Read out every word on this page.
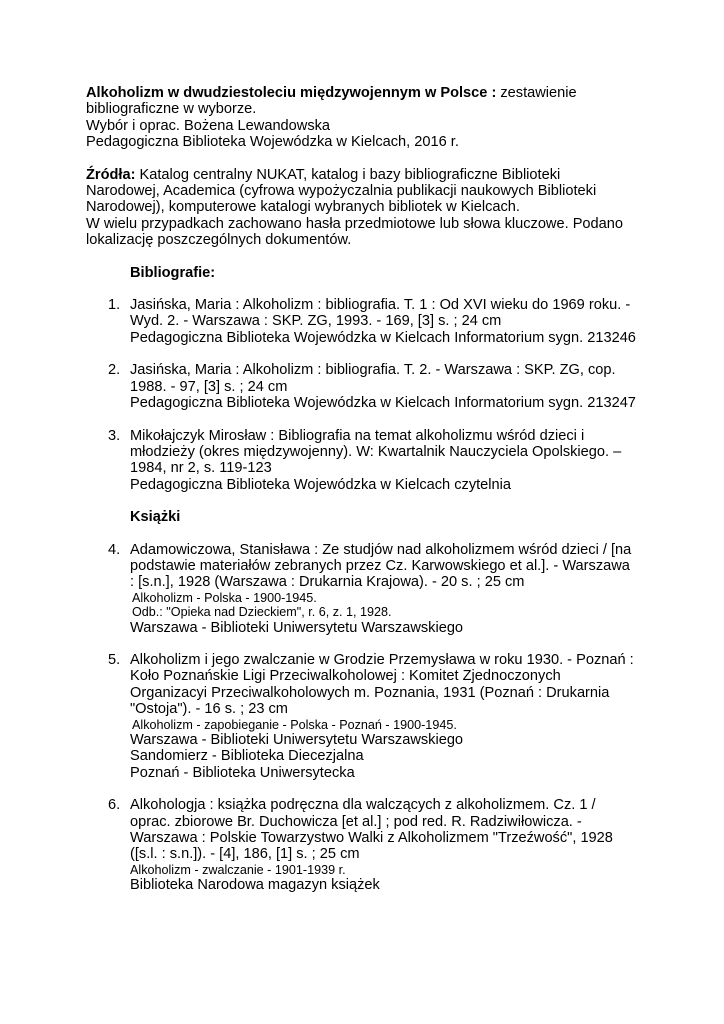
Alkoholizm w dwudziestoleciu międzywojennym w Polsce : zestawienie

bibliograficzne w wyborze.

Wybór i oprac. Bożena Lewandowska

Pedagogiczna Biblioteka Wojewódzka w Kielcach, 2016 r.

Źródła: Katalog centralny NUKAT, katalog i bazy bibliograficzne Biblioteki

Narodowej, Academica (cyfrowa wypożyczalnia publikacji naukowych Biblioteki

Narodowej), komputerowe katalogi wybranych bibliotek w Kielcach.

W wielu przypadkach zachowano hasła przedmiotowe lub słowa kluczowe. Podano

lokalizację poszczególnych dokumentów.

Bibliografie:

1. Jasińska, Maria : Alkoholizm : bibliografia. T. 1 : Od XVI wieku do 1969 roku. -

Wyd. 2. - Warszawa : SKP. ZG, 1993. - 169, [3] s. ; 24 cm

Pedagogiczna Biblioteka Wojewódzka w Kielcach Informatorium sygn. 213246

2. Jasińska, Maria : Alkoholizm : bibliografia. T. 2. - Warszawa : SKP. ZG, cop.

1988. - 97, [3] s. ; 24 cm

Pedagogiczna Biblioteka Wojewódzka w Kielcach Informatorium sygn. 213247

3. Mikołajczyk Mirosław : Bibliografia na temat alkoholizmu wśród dzieci i

młodzieży (okres międzywojenny). W: Kwartalnik Nauczyciela Opolskiego. –

1984, nr 2, s. 119-123

Pedagogiczna Biblioteka Wojewódzka w Kielcach czytelnia

Książki

4. Adamowiczowa, Stanisława : Ze studjów nad alkoholizmem wśród dzieci / [na

podstawie materiałów zebranych przez Cz. Karwowskiego et al.]. - Warszawa

: [s.n.], 1928 (Warszawa : Drukarnia Krajowa). - 20 s. ; 25 cm

Alkoholizm - Polska - 1900-1945.

Odb.: "Opieka nad Dzieckiem", r. 6, z. 1, 1928.

Warszawa - Biblioteki Uniwersytetu Warszawskiego

5. Alkoholizm i jego zwalczanie w Grodzie Przemysława w roku 1930. - Poznań :

Koło Poznańskie Ligi Przeciwalkoholowej : Komitet Zjednoczonych

Organizacyi Przeciwalkoholowych m. Poznania, 1931 (Poznań : Drukarnia

"Ostoja"). - 16 s. ; 23 cm

Alkoholizm - zapobieganie - Polska - Poznań - 1900-1945.

Warszawa - Biblioteki Uniwersytetu Warszawskiego

Sandomierz - Biblioteka Diecezjalna

Poznań - Biblioteka Uniwersytecka

6. Alkohologja : książka podręczna dla walczących z alkoholizmem. Cz. 1 /

oprac. zbiorowe Br. Duchowicza [et al.] ; pod red. R. Radziwiłowicza. -

Warszawa : Polskie Towarzystwo Walki z Alkoholizmem "Trzeźwość", 1928

([s.l. : s.n.]). - [4], 186, [1] s. ; 25 cm

Alkoholizm - zwalczanie - 1901-1939 r.

Biblioteka Narodowa magazyn książek
